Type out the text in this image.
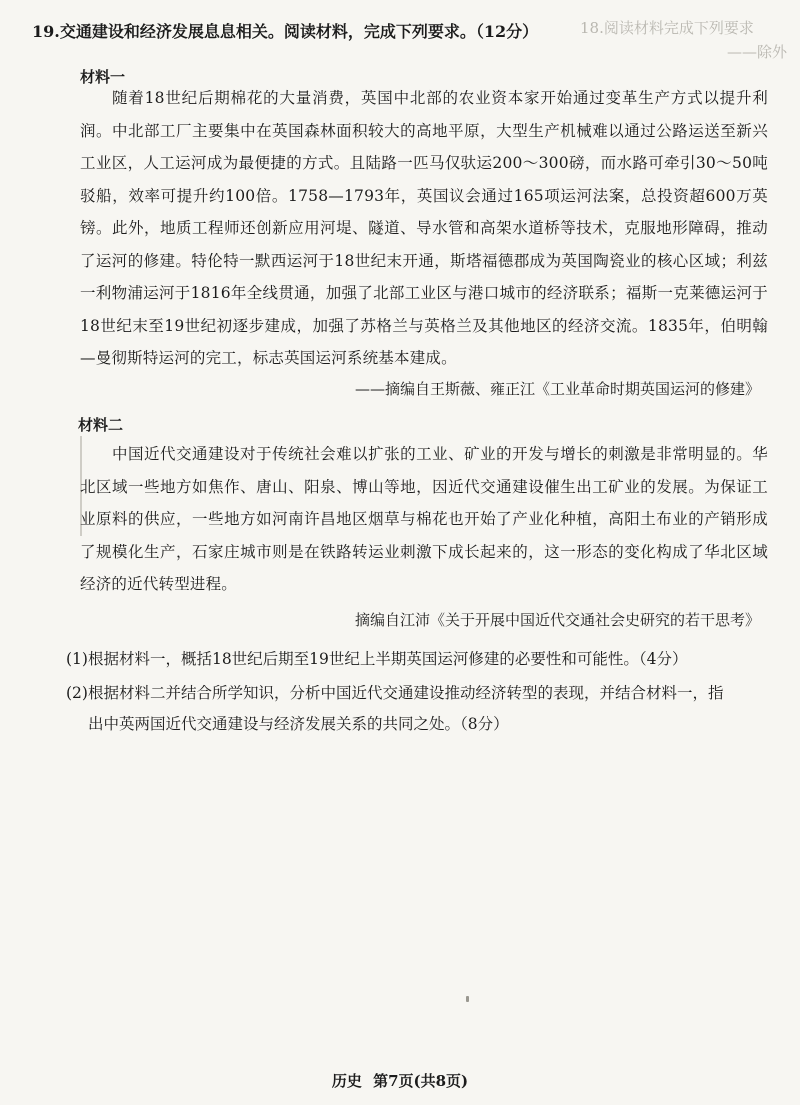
19.交通建设和经济发展息息相关。阅读材料，完成下列要求。（12分）	18.阅读材料完成下列要求
——除外
材料一
随着18世纪后期棉花的大量消费，英国中北部的农业资本家开始通过变革生产方式以提升利润。中北部工厂主要集中在英国森林面积较大的高地平原，大型生产机械难以通过公路运送至新兴工业区，人工运河成为最便捷的方式。且陆路一匹马仅驮运200～300磅，而水路可牵引30～50吨驳船，效率可提升约100倍。1758—1793年，英国议会通过165项运河法案，总投资超600万英镑。此外，地质工程师还创新应用河堤、隧道、导水管和高架水道桥等技术，克服地形障碍，推动了运河的修建。特伦特一默西运河于18世纪末开通，斯塔福德郡成为英国陶瓷业的核心区域；利兹一利物浦运河于1816年全线贯通，加强了北部工业区与港口城市的经济联系；福斯一克莱德运河于18世纪末至19世纪初逐步建成，加强了苏格兰与英格兰及其他地区的经济交流。1835年，伯明翰—曼彻斯特运河的完工，标志英国运河系统基本建成。
——摘编自王斯薇、雍正江《工业革命时期英国运河的修建》
材料二
中国近代交通建设对于传统社会难以扩张的工业、矿业的开发与增长的刺激是非常明显的。华北区域一些地方如焦作、唐山、阳泉、博山等地，因近代交通建设催生出工矿业的发展。为保证工业原料的供应，一些地方如河南许昌地区烟草与棉花也开始了产业化种植，高阳土布业的产销形成了规模化生产，石家庄城市则是在铁路转运业刺激下成长起来的，这一形态的变化构成了华北区域经济的近代转型进程。
摘编自江沛《关于开展中国近代交通社会史研究的若干思考》
(1)根据材料一，概括18世纪后期至19世纪上半期英国运河修建的必要性和可能性。（4分）
(2)根据材料二并结合所学知识，分析中国近代交通建设推动经济转型的表现，并结合材料一，指
出中英两国近代交通建设与经济发展关系的共同之处。（8分）
历史 第7页(共8页)
